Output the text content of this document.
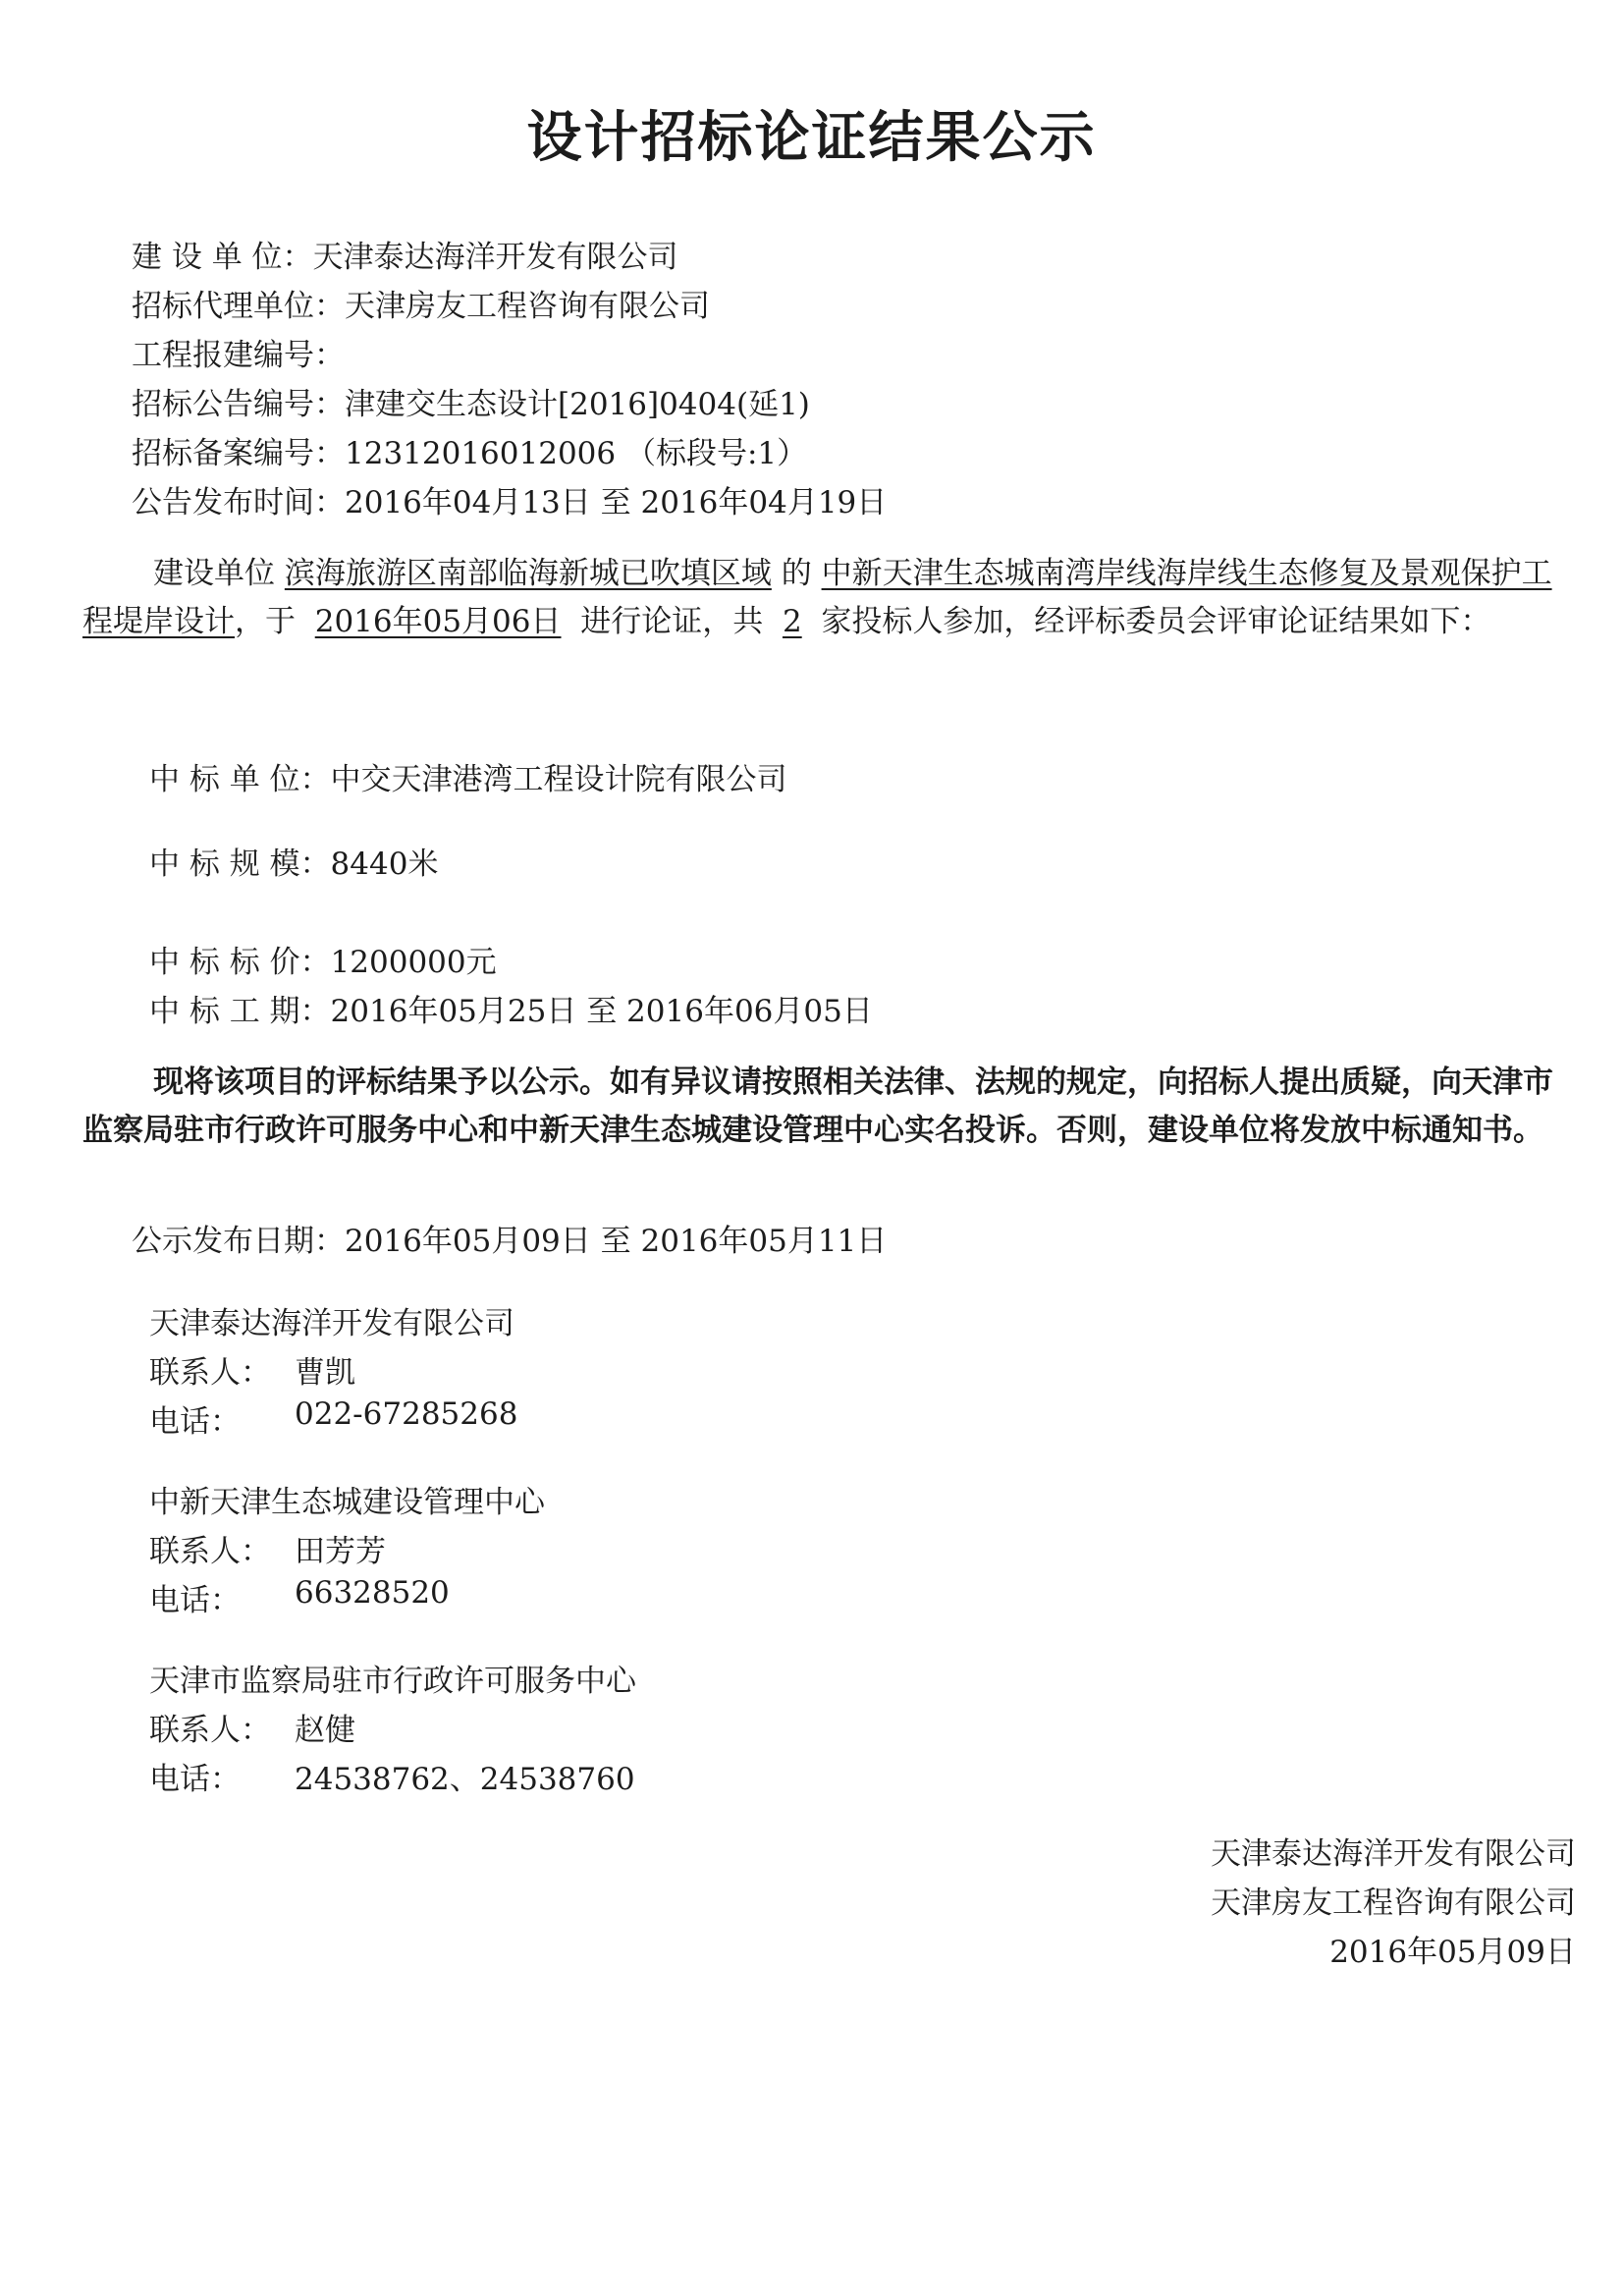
设计招标论证结果公示
建 设 单 位：天津泰达海洋开发有限公司
招标代理单位：天津房友工程咨询有限公司
工程报建编号：
招标公告编号：津建交生态设计[2016]0404(延1)
招标备案编号：12312016012006 （标段号:1）
公告发布时间：2016年04月13日 至 2016年04月19日
建设单位 滨海旅游区南部临海新城已吹填区域 的 中新天津生态城南湾岸线海岸线生态修复及景观保护工程堤岸设计，于 2016年05月06日 进行论证，共 2 家投标人参加，经评标委员会评审论证结果如下：
中 标 单 位：中交天津港湾工程设计院有限公司
中 标 规 模：8440米
中 标 标 价：1200000元
中 标 工 期：2016年05月25日 至 2016年06月05日
现将该项目的评标结果予以公示。如有异议请按照相关法律、法规的规定，向招标人提出质疑，向天津市监察局驻市行政许可服务中心和中新天津生态城建设管理中心实名投诉。否则，建设单位将发放中标通知书。
公示发布日期：2016年05月09日 至 2016年05月11日
天津泰达海洋开发有限公司
联系人： 曹凯
电话： 022-67285268
中新天津生态城建设管理中心
联系人： 田芳芳
电话： 66328520
天津市监察局驻市行政许可服务中心
联系人： 赵健
电话： 24538762、24538760
天津泰达海洋开发有限公司
天津房友工程咨询有限公司
2016年05月09日
